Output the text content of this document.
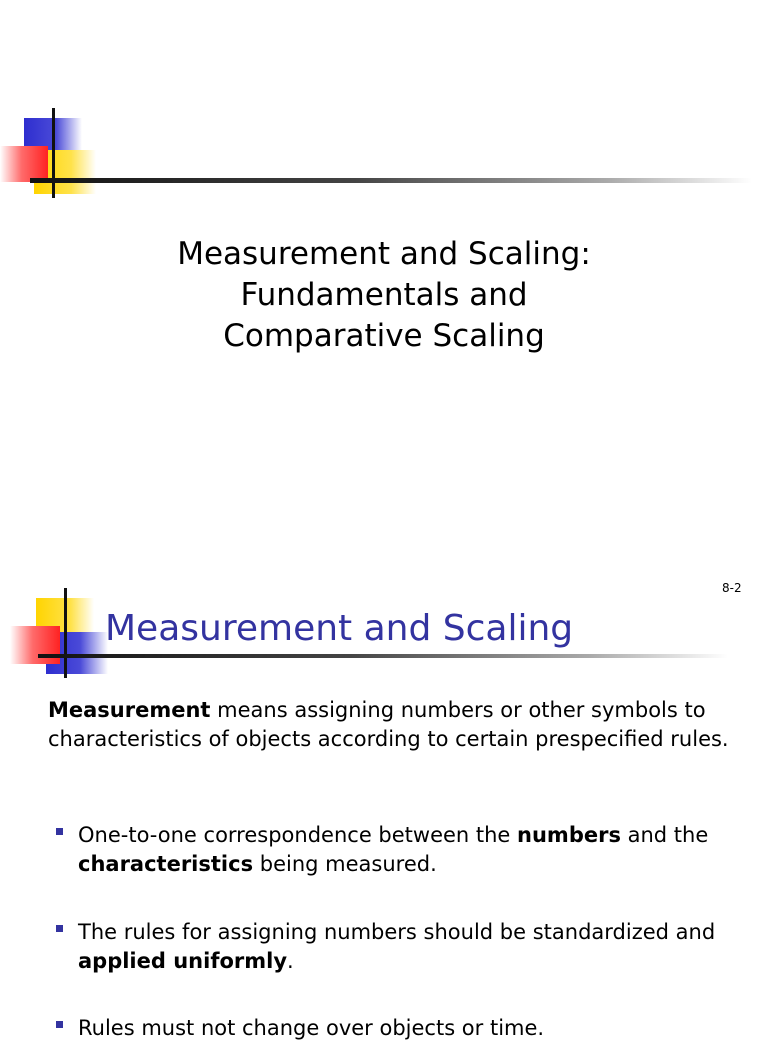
Measurement and Scaling:
Fundamentals and
Comparative Scaling
8-2
Measurement and Scaling

Measurement means assigning numbers or other symbols to characteristics of objects according to certain prespecified rules.

One-to-one correspondence between the numbers and the characteristics being measured.

The rules for assigning numbers should be standardized and applied uniformly.

Rules must not change over objects or time.
